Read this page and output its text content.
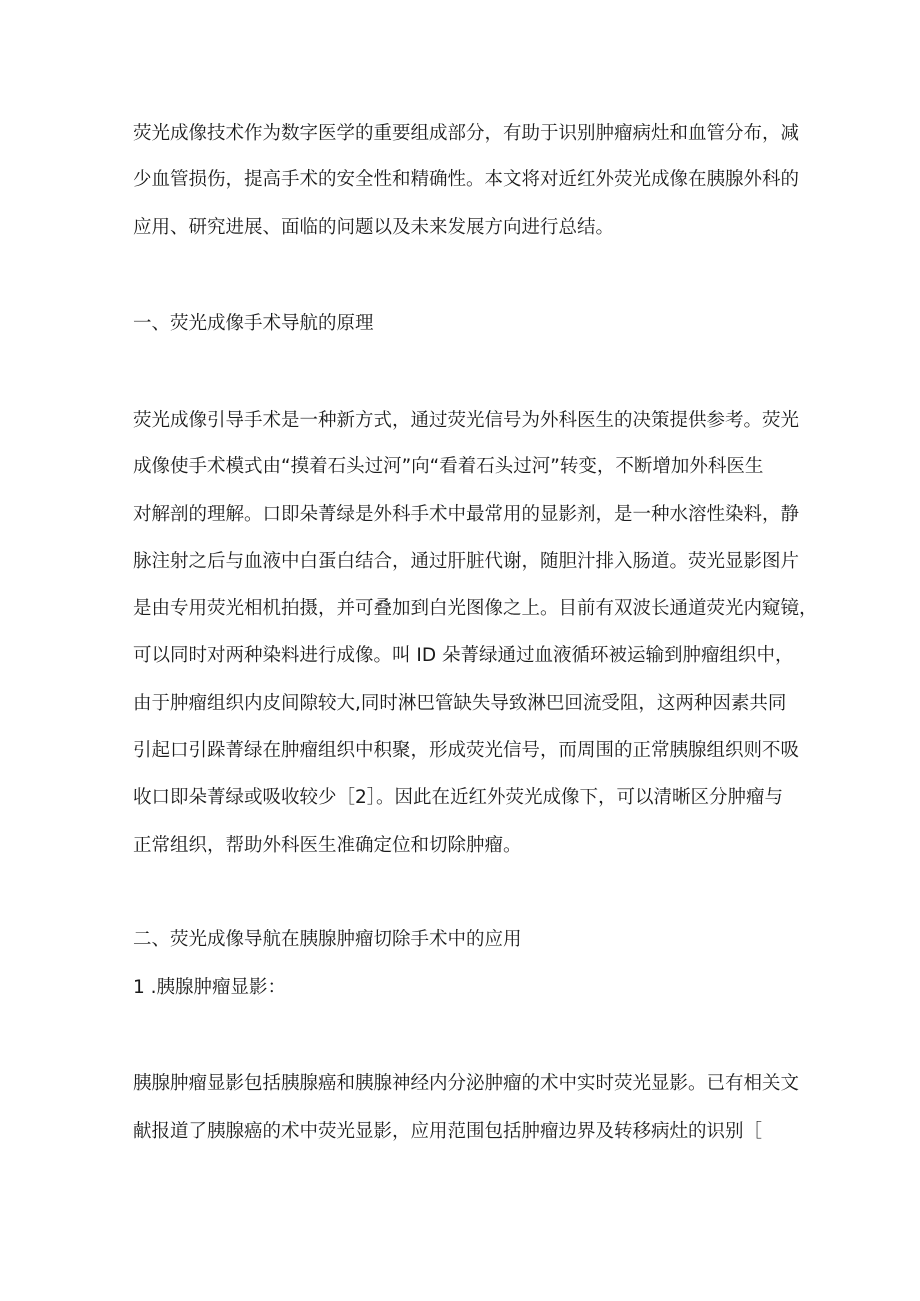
荧光成像技术作为数字医学的重要组成部分，有助于识别肿瘤病灶和血管分布，减
少血管损伤，提高手术的安全性和精确性。本文将对近红外荧光成像在胰腺外科的
应用、研究进展、面临的问题以及未来发展方向进行总结。
一、荧光成像手术导航的原理
荧光成像引导手术是一种新方式，通过荧光信号为外科医生的决策提供参考。荧光
成像使手术模式由“摸着石头过河”向“看着石头过河”转变，不断增加外科医生
对解剖的理解。口即朵菁绿是外科手术中最常用的显影剂，是一种水溶性染料，静
脉注射之后与血液中白蛋白结合，通过肝脏代谢，随胆汁排入肠道。荧光显影图片
是由专用荧光相机拍摄，并可叠加到白光图像之上。目前有双波长通道荧光内窥镜，
可以同时对两种染料进行成像。叫 ID 朵菁绿通过血液循环被运输到肿瘤组织中，
由于肿瘤组织内皮间隙较大,同时淋巴管缺失导致淋巴回流受阻，这两种因素共同
引起口引跺菁绿在肿瘤组织中积聚，形成荧光信号，而周围的正常胰腺组织则不吸
收口即朵菁绿或吸收较少［2］。因此在近红外荧光成像下，可以清晰区分肿瘤与
正常组织，帮助外科医生准确定位和切除肿瘤。
二、荧光成像导航在胰腺肿瘤切除手术中的应用
1 .胰腺肿瘤显影：
胰腺肿瘤显影包括胰腺癌和胰腺神经内分泌肿瘤的术中实时荧光显影。已有相关文
献报道了胰腺癌的术中荧光显影，应用范围包括肿瘤边界及转移病灶的识别［
